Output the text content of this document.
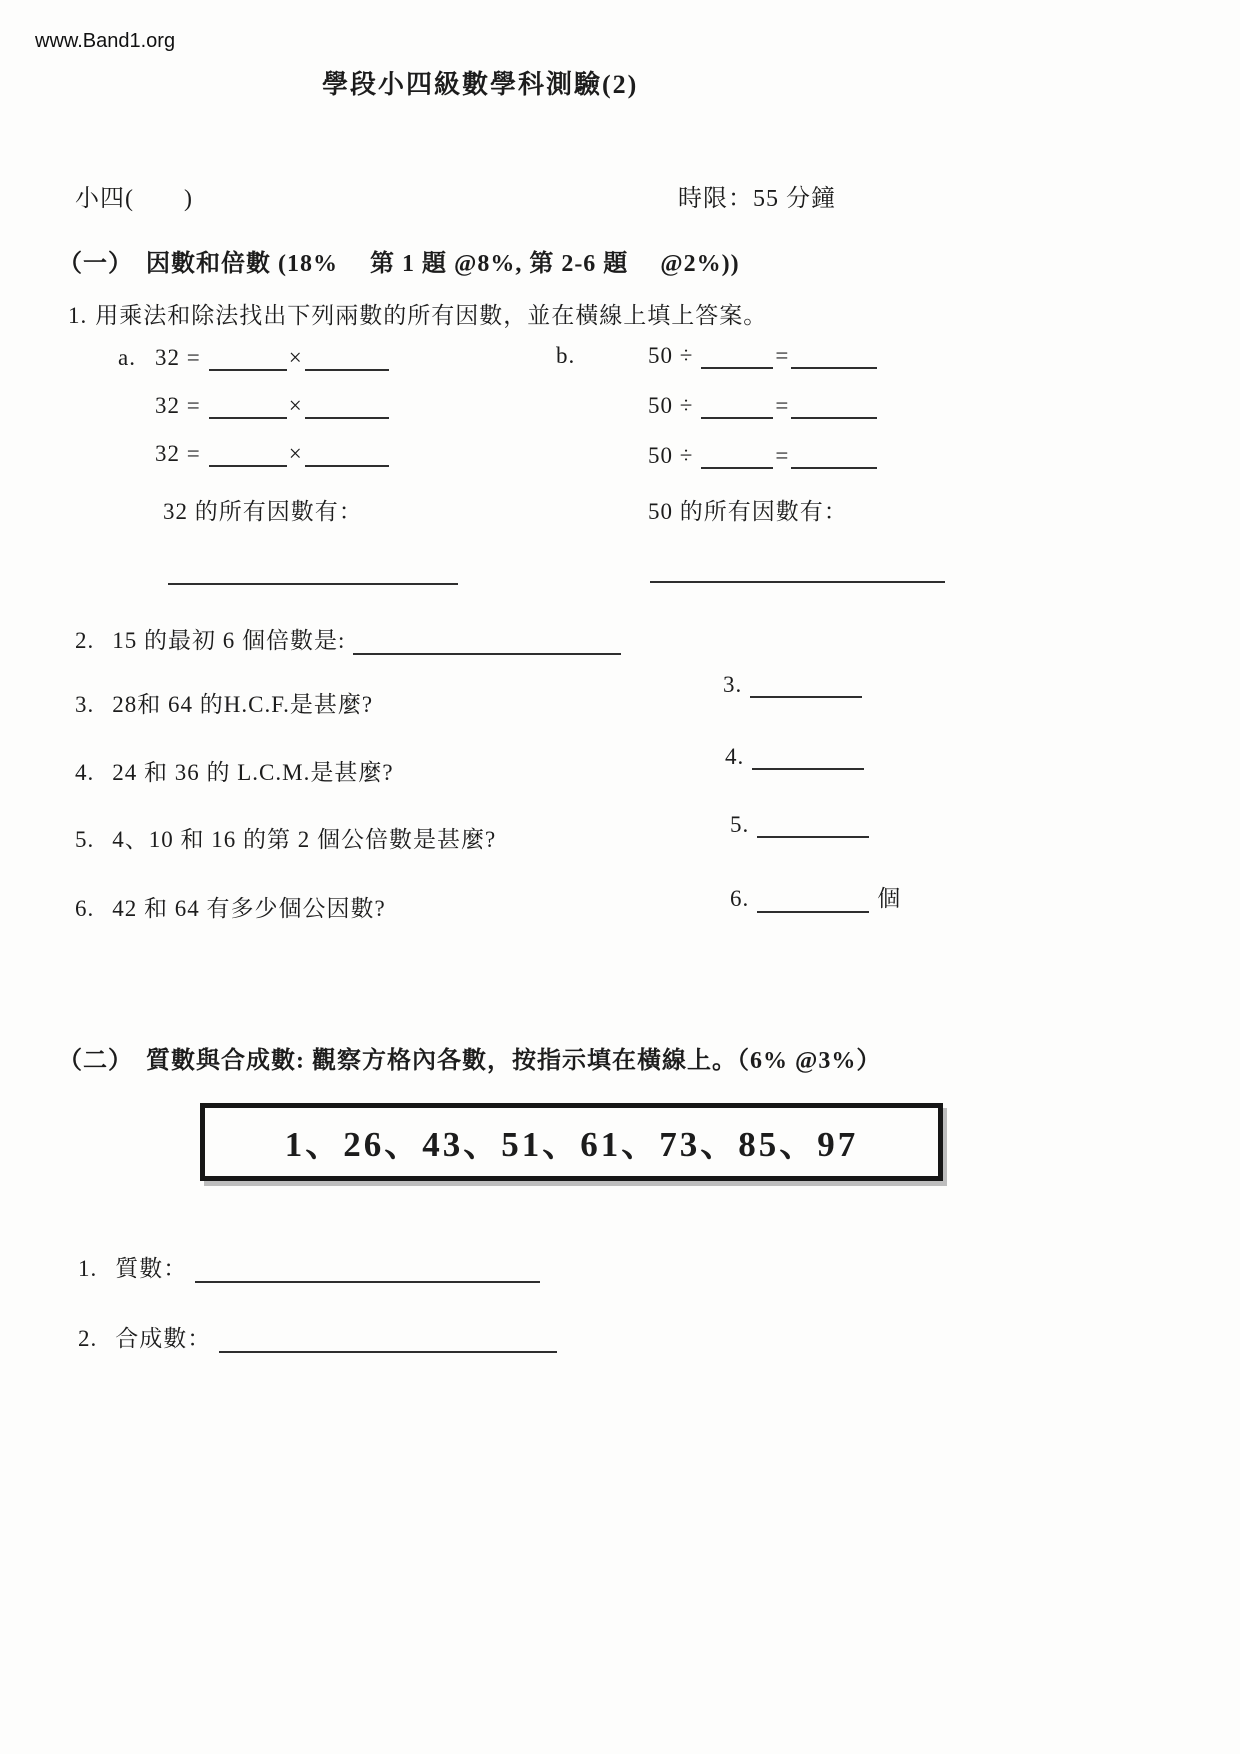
www.Band1.org
學段小四級數學科測驗(2)
小四(　　)	時限：55 分鐘
（一）　因數和倍數 (18%　 第 1 題 @8%, 第 2-6 題　 @2%))
1. 用乘法和除法找出下列兩數的所有因數，並在橫線上填上答案。
a. 32 =	×
32 =	×
32 =	×
32 的所有因數有：
b.	50 ÷	=
50 ÷	=
50 ÷	=
50 的所有因數有：
2. 15 的最初 6 個倍數是:
3. 28和 64 的H.C.F.是甚麼?
3.
4. 24 和 36 的 L.C.M.是甚麼?
4.
5. 4、10 和 16 的第 2 個公倍數是甚麼?
5.
6. 42 和 64 有多少個公因數?	6.	個
（二）　質數與合成數: 觀察方格內各數，按指示填在橫線上。（6% @3%）
1、26、43、51、61、73、85、97
1. 質數：
2. 合成數：
